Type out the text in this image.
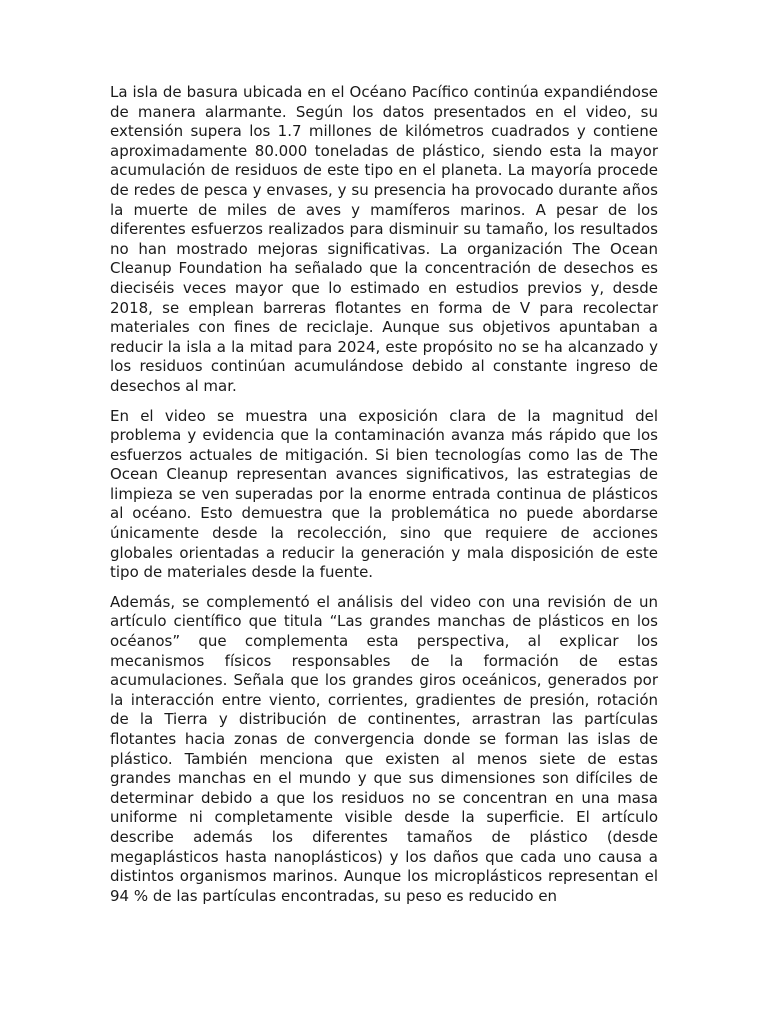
La isla de basura ubicada en el Océano Pacífico continúa expandiéndose de manera alarmante. Según los datos presentados en el video, su extensión supera los 1.7 millones de kilómetros cuadrados y contiene aproximadamente 80.000 toneladas de plástico, siendo esta la mayor acumulación de residuos de este tipo en el planeta. La mayoría procede de redes de pesca y envases, y su presencia ha provocado durante años la muerte de miles de aves y mamíferos marinos. A pesar de los diferentes esfuerzos realizados para disminuir su tamaño, los resultados no han mostrado mejoras significativas. La organización The Ocean Cleanup Foundation ha señalado que la concentración de desechos es dieciséis veces mayor que lo estimado en estudios previos y, desde 2018, se emplean barreras flotantes en forma de V para recolectar materiales con fines de reciclaje. Aunque sus objetivos apuntaban a reducir la isla a la mitad para 2024, este propósito no se ha alcanzado y los residuos continúan acumulándose debido al constante ingreso de desechos al mar.

En el video se muestra una exposición clara de la magnitud del problema y evidencia que la contaminación avanza más rápido que los esfuerzos actuales de mitigación. Si bien tecnologías como las de The Ocean Cleanup representan avances significativos, las estrategias de limpieza se ven superadas por la enorme entrada continua de plásticos al océano. Esto demuestra que la problemática no puede abordarse únicamente desde la recolección, sino que requiere de acciones globales orientadas a reducir la generación y mala disposición de este tipo de materiales desde la fuente.

Además, se complementó el análisis del video con una revisión de un artículo científico que titula “Las grandes manchas de plásticos en los océanos” que complementa esta perspectiva, al explicar los mecanismos físicos responsables de la formación de estas acumulaciones. Señala que los grandes giros oceánicos, generados por la interacción entre viento, corrientes, gradientes de presión, rotación de la Tierra y distribución de continentes, arrastran las partículas flotantes hacia zonas de convergencia donde se forman las islas de plástico. También menciona que existen al menos siete de estas grandes manchas en el mundo y que sus dimensiones son difíciles de determinar debido a que los residuos no se concentran en una masa uniforme ni completamente visible desde la superficie. El artículo describe además los diferentes tamaños de plástico (desde megaplásticos hasta nanoplásticos) y los daños que cada uno causa a distintos organismos marinos. Aunque los microplásticos representan el 94 % de las partículas encontradas, su peso es reducido en
